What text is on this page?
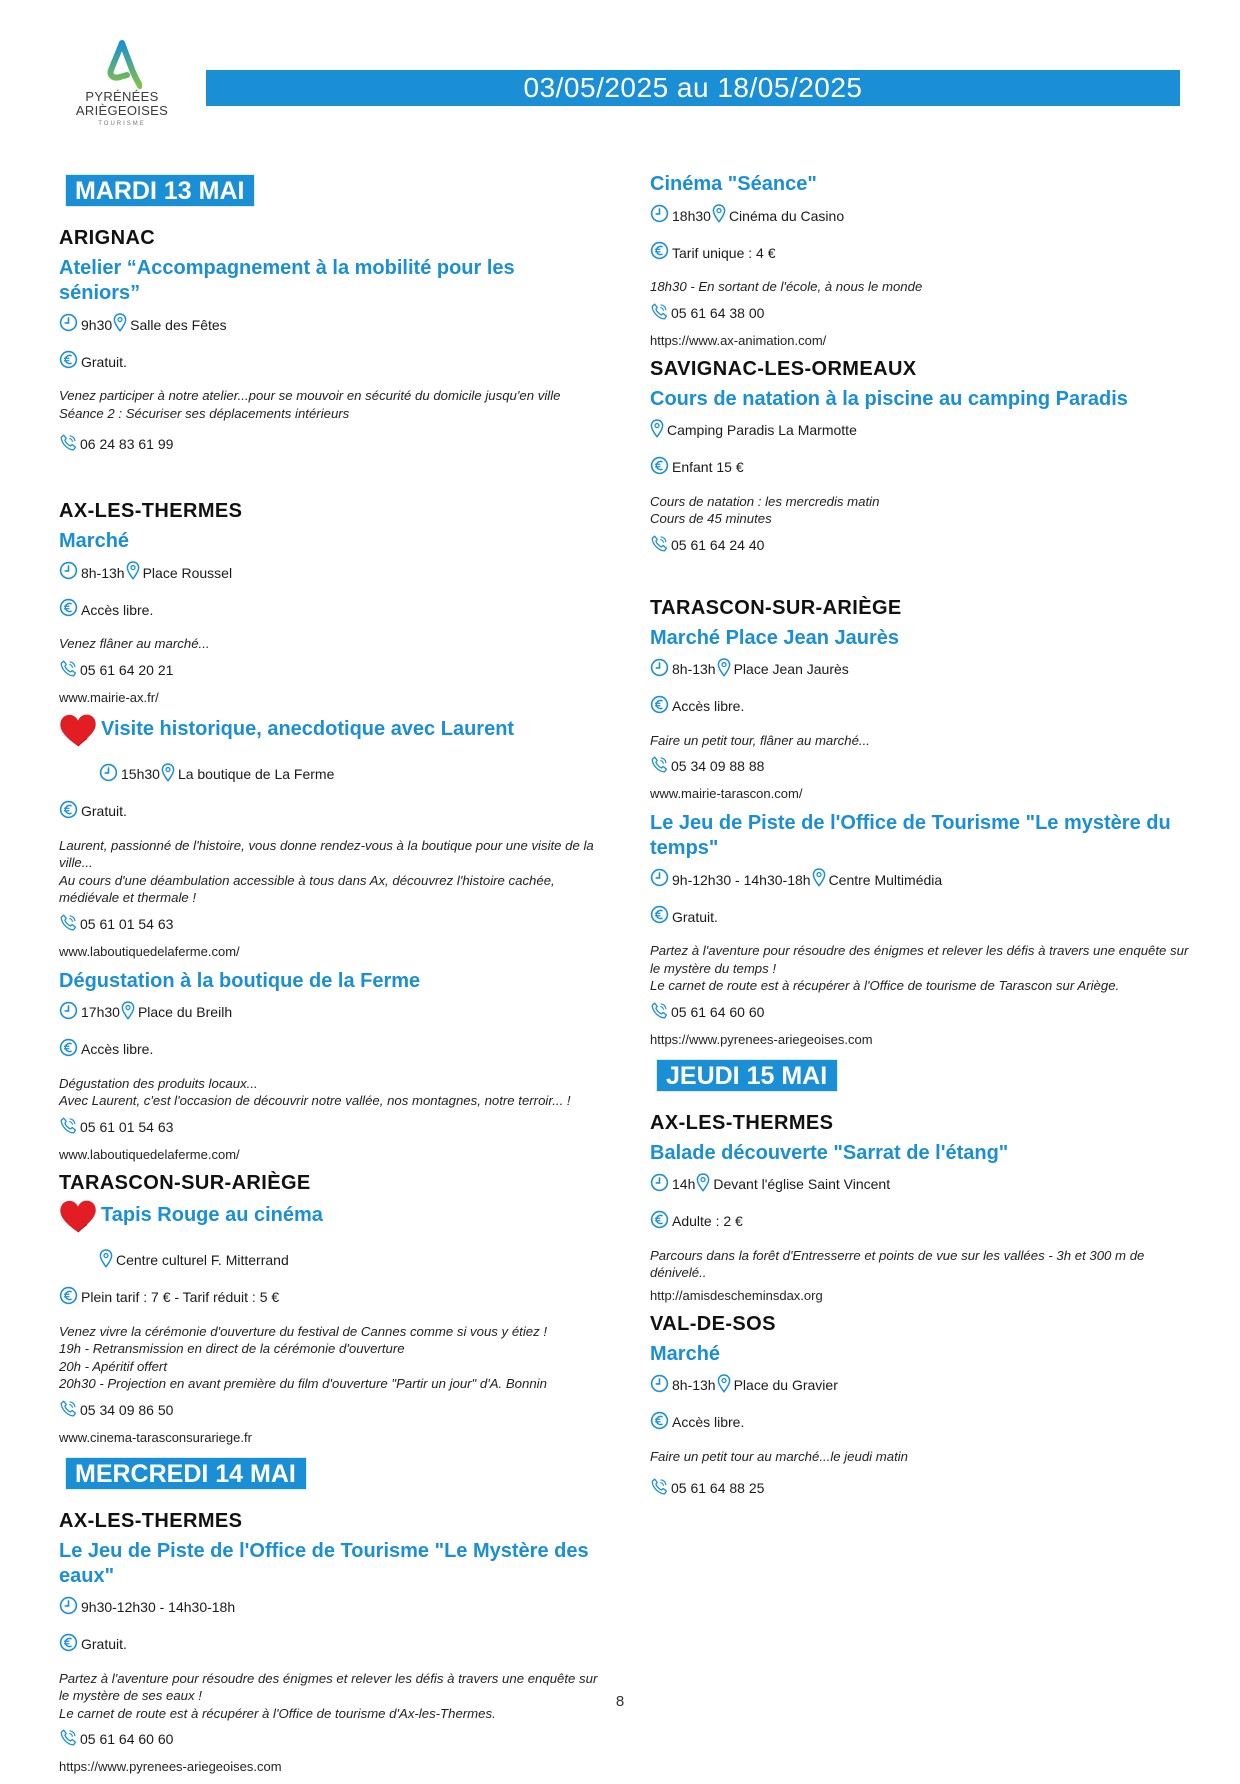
PYRÉNÉES
ARIÈGEOISES
TOURISME
03/05/2025 au 18/05/2025
MARDI 13 MAI
ARIGNAC
Atelier “Accompagnement à la mobilité pour les séniors”
9h30 Salle des Fêtes
Gratuit.
Venez participer à notre atelier...pour se mouvoir en sécurité du domicile jusqu'en ville
Séance 2 : Sécuriser ses déplacements intérieurs
06 24 83 61 99
AX-LES-THERMES
Marché
8h-13h Place Roussel
Accès libre.
Venez flâner au marché...
05 61 64 20 21
www.mairie-ax.fr/
Visite historique, anecdotique avec Laurent
15h30 La boutique de La Ferme
Gratuit.
Laurent, passionné de l'histoire, vous donne rendez-vous à la boutique pour une visite de la ville...
Au cours d'une déambulation accessible à tous dans Ax, découvrez l'histoire cachée, médiévale et thermale !
05 61 01 54 63
www.laboutiquedelaferme.com/
Dégustation à la boutique de la Ferme
17h30 Place du Breilh
Accès libre.
Dégustation des produits locaux...
Avec Laurent, c'est l'occasion de découvrir notre vallée, nos montagnes, notre terroir... !
05 61 01 54 63
www.laboutiquedelaferme.com/
TARASCON-SUR-ARIÈGE
Tapis Rouge au cinéma
Centre culturel F. Mitterrand
Plein tarif : 7 € - Tarif réduit : 5 €
Venez vivre la cérémonie d'ouverture du festival de Cannes comme si vous y étiez !
19h - Retransmission en direct de la cérémonie d'ouverture
20h - Apéritif offert
20h30 - Projection en avant première du film d'ouverture "Partir un jour" d'A. Bonnin
05 34 09 86 50
www.cinema-tarasconsurariege.fr
MERCREDI 14 MAI
AX-LES-THERMES
Le Jeu de Piste de l'Office de Tourisme "Le Mystère des eaux"
9h30-12h30 - 14h30-18h
Gratuit.
Partez à l'aventure pour résoudre des énigmes et relever les défis à travers une enquête sur le mystère de ses eaux !
Le carnet de route est à récupérer à l'Office de tourisme d'Ax-les-Thermes.
05 61 64 60 60
https://www.pyrenees-ariegeoises.com
Cinéma "Séance"
18h30 Cinéma du Casino
Tarif unique : 4 €
18h30 - En sortant de l'école, à nous le monde
05 61 64 38 00
https://www.ax-animation.com/
SAVIGNAC-LES-ORMEAUX
Cours de natation à la piscine au camping Paradis
Camping Paradis La Marmotte
Enfant 15 €
Cours de natation : les mercredis matin
Cours de 45 minutes
05 61 64 24 40
TARASCON-SUR-ARIÈGE
Marché Place Jean Jaurès
8h-13h Place Jean Jaurès
Accès libre.
Faire un petit tour, flâner au marché...
05 34 09 88 88
www.mairie-tarascon.com/
Le Jeu de Piste de l'Office de Tourisme "Le mystère du temps"
9h-12h30 - 14h30-18h Centre Multimédia
Gratuit.
Partez à l'aventure pour résoudre des énigmes et relever les défis à travers une enquête sur le mystère du temps !
Le carnet de route est à récupérer à l'Office de tourisme de Tarascon sur Ariège.
05 61 64 60 60
https://www.pyrenees-ariegeoises.com
JEUDI 15 MAI
AX-LES-THERMES
Balade découverte "Sarrat de l'étang"
14h Devant l'église Saint Vincent
Adulte : 2 €
Parcours dans la forêt d'Entresserre et points de vue sur les vallées - 3h et 300 m de dénivelé..
http://amisdescheminsdax.org
VAL-DE-SOS
Marché
8h-13h Place du Gravier
Accès libre.
Faire un petit tour au marché...le jeudi matin
05 61 64 88 25
8
